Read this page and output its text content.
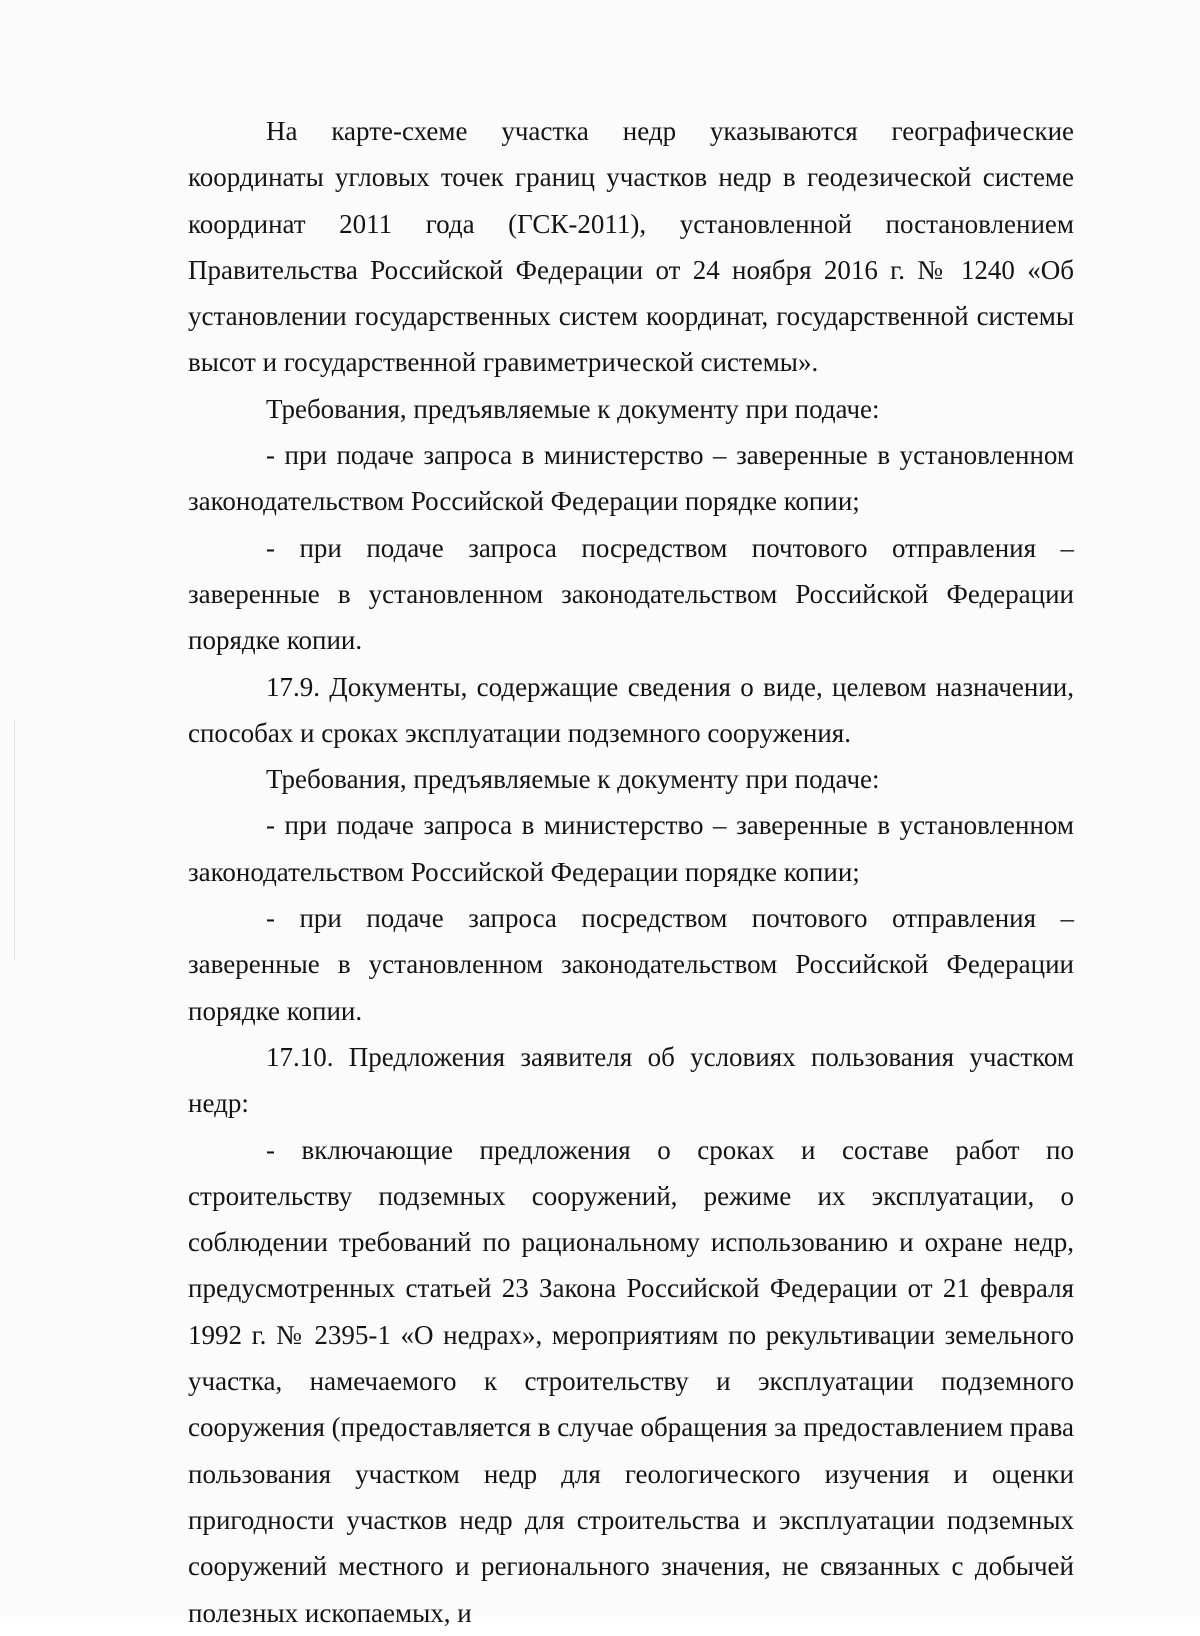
На карте-схеме участка недр указываются географические координаты угловых точек границ участков недр в геодезической системе координат 2011 года (ГСК-2011), установленной постановлением Правительства Российской Федерации от 24 ноября 2016 г. № 1240 «Об установлении государственных систем координат, государственной системы высот и государственной гравиметрической системы».

Требования, предъявляемые к документу при подаче:

- при подаче запроса в министерство – заверенные в установленном законодательством Российской Федерации порядке копии;

- при подаче запроса посредством почтового отправления – заверенные в установленном законодательством Российской Федерации порядке копии.

17.9. Документы, содержащие сведения о виде, целевом назначении, способах и сроках эксплуатации подземного сооружения.

Требования, предъявляемые к документу при подаче:

- при подаче запроса в министерство – заверенные в установленном законодательством Российской Федерации порядке копии;

- при подаче запроса посредством почтового отправления – заверенные в установленном законодательством Российской Федерации порядке копии.

17.10. Предложения заявителя об условиях пользования участком недр:

- включающие предложения о сроках и составе работ по строительству подземных сооружений, режиме их эксплуатации, о соблюдении требований по рациональному использованию и охране недр, предусмотренных статьей 23 Закона Российской Федерации от 21 февраля 1992 г. № 2395-1 «О недрах», мероприятиям по рекультивации земельного участка, намечаемого к строительству и эксплуатации подземного сооружения (предоставляется в случае обращения за предоставлением права пользования участком недр для геологического изучения и оценки пригодности участков недр для строительства и эксплуатации подземных сооружений местного и регионального значения, не связанных с добычей полезных ископаемых, и
